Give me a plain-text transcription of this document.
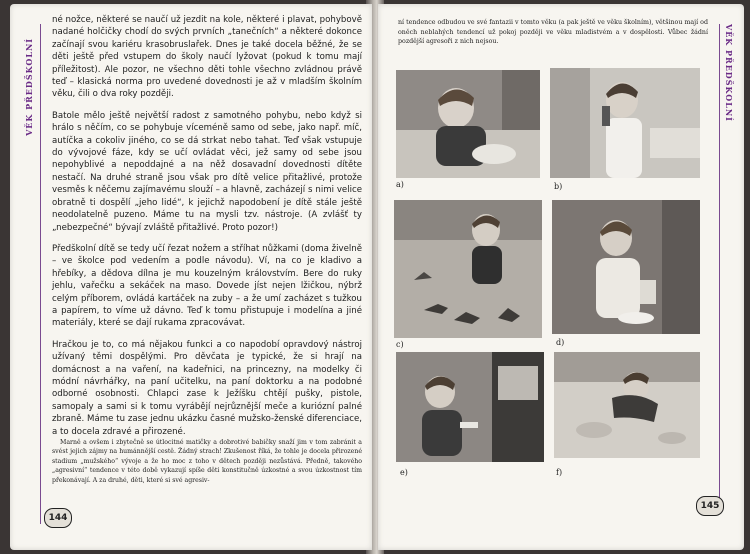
VĚK PŘEDŠKOLNÍ

né nožce, některé se naučí už jezdit na kole, některé i plavat, pohybově nadané holčičky chodí do svých prvních „tanečních“ a některé dokonce začínají svou kariéru krasobruslařek. Dnes je také docela běžné, že se děti ještě před vstupem do školy naučí lyžovat (pokud k tomu mají příležitost). Ale pozor, ne všechno děti tohle všechno zvládnou právě teď – klasická norma pro uvedené dovednosti je až v mladším školním věku, čili o dva roky později.

Batole mělo ještě největší radost z samotného pohybu, nebo když si hrálo s něčím, co se pohybuje víceméně samo od sebe, jako např. míč, autíčka a cokoliv jiného, co se dá strkat nebo tahat. Teď však vstupuje do vývojové fáze, kdy se učí ovládat věci, jež samy od sebe jsou nepohyblivé a nepoddajné a na něž dosavadní dovednosti dítěte nestačí. Na druhé straně jsou však pro dítě velice přitažlivé, protože vesměs k něčemu zajímavému slouží – a hlavně, zacházejí s nimi velice obratně ti dospělí „jeho lidé“, k jejichž napodobení je dítě stále ještě neodolatelně puzeno. Máme tu na mysli tzv. nástroje. (A zvlášť ty „nebezpečné“ bývají zvláště přitažlivé. Proto pozor!)

Předškolní dítě se tedy učí řezat nožem a stříhat nůžkami (doma živelně – ve školce pod vedením a podle návodu). Ví, na co je kladivo a hřebíky, a dědova dílna je mu kouzelným královstvím. Bere do ruky jehlu, vařečku a sekáček na maso. Dovede jíst nejen lžičkou, nýbrž celým příborem, ovládá kartáček na zuby – a že umí zacházet s tužkou a papírem, to víme už dávno. Teď k tomu přistupuje i modelína a jiné materiály, které se dají rukama zpracovávat.

Hračkou je to, co má nějakou funkci a co napodobí opravdový nástroj užívaný těmi dospělými. Pro děvčata je typické, že si hrají na domácnost a na vaření, na kadeřnici, na princezny, na modelky či módní návrhářky, na paní učitelku, na paní doktorku a na podobné odborné osobnosti. Chlapci zase k Ježíšku chtějí pušky, pistole, samopaly a sami si k tomu vyrábějí nejrůznější meče a kuriózní palné zbraně. Máme tu zase jednu ukázku časné mužsko-ženské diferenciace, a to docela zdravé a přirozené.

Marně a ovšem i zbytečně se útlocitné matičky a dobrotivé babičky snaží jim v tom zabránit a svést jejich zájmy na humánnější cestě. Žádný strach! Zkušenost říká, že tohle je docela přirozené stadium „mužského“ vývoje a že ho moc z toho v dětech později nezůstává. Předně, takového „agresivní“ tendence v této době vykazují spíše děti konstitučně úzkostné a svou úzkostnost tím překonávají. A za druhé, děti, které si své agresiv-

144
VĚK PŘEDŠKOLNÍ
ní tendence odbudou ve své fantazii v tomto věku (a pak ještě ve věku školním), většinou mají od oněch neblahých tendencí už pokoj později ve věku mladistvém a v dospělosti. Vůbec žádní pozdější agresoři z nich nejsou.
a)	b)
c)	d)
e)	f)
145
